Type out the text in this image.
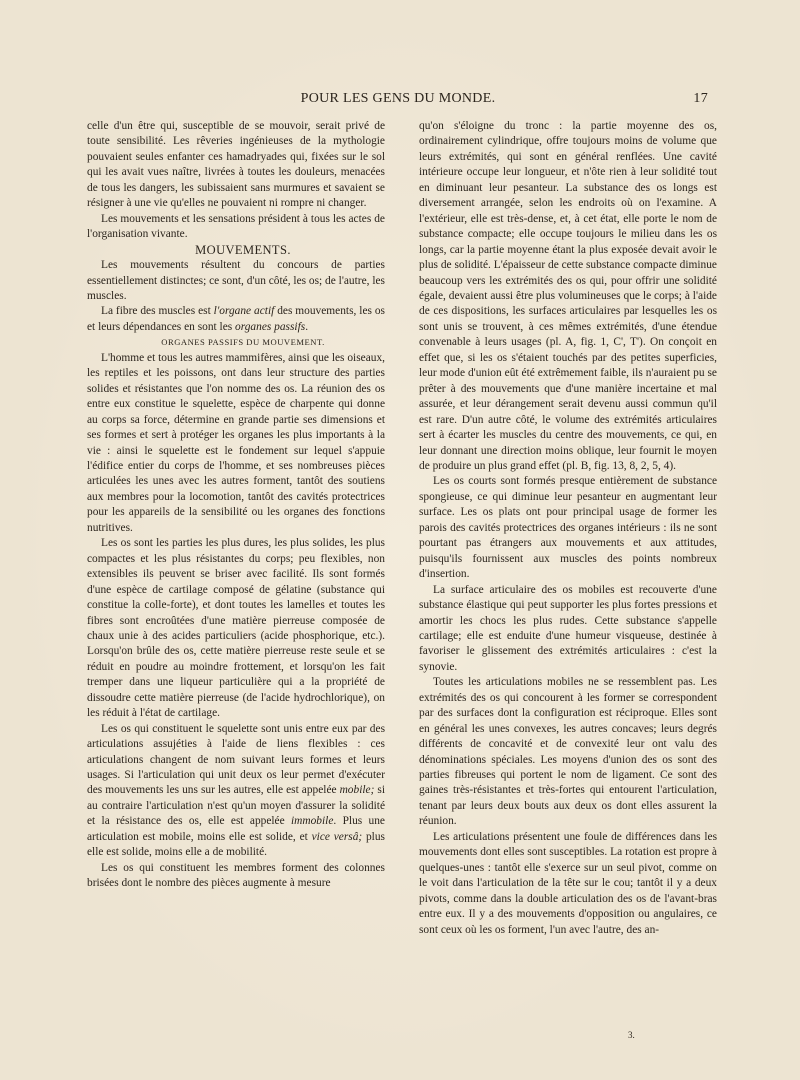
POUR LES GENS DU MONDE.	17

celle d'un être qui, susceptible de se mouvoir, serait privé de toute sensibilité. Les rêveries ingénieuses de la mythologie pouvaient seules enfanter ces hamadryades qui, fixées sur le sol qui les avait vues naître, livrées à toutes les douleurs, menacées de tous les dangers, les subissaient sans murmures et savaient se résigner à une vie qu'elles ne pouvaient ni rompre ni changer.

Les mouvements et les sensations président à tous les actes de l'organisation vivante.

MOUVEMENTS.

Les mouvements résultent du concours de parties essentiellement distinctes; ce sont, d'un côté, les os; de l'autre, les muscles.

La fibre des muscles est l'organe actif des mouvements, les os et leurs dépendances en sont les organes passifs.

ORGANES PASSIFS DU MOUVEMENT.

L'homme et tous les autres mammifères, ainsi que les oiseaux, les reptiles et les poissons, ont dans leur structure des parties solides et résistantes que l'on nomme des os. La réunion des os entre eux constitue le squelette, espèce de charpente qui donne au corps sa force, détermine en grande partie ses dimensions et ses formes et sert à protéger les organes les plus importants à la vie : ainsi le squelette est le fondement sur lequel s'appuie l'édifice entier du corps de l'homme, et ses nombreuses pièces articulées les unes avec les autres forment, tantôt des soutiens aux membres pour la locomotion, tantôt des cavités protectrices pour les appareils de la sensibilité ou les organes des fonctions nutritives.

Les os sont les parties les plus dures, les plus solides, les plus compactes et les plus résistantes du corps; peu flexibles, non extensibles ils peuvent se briser avec facilité. Ils sont formés d'une espèce de cartilage composé de gélatine (substance qui constitue la colle-forte), et dont toutes les lamelles et toutes les fibres sont encroûtées d'une matière pierreuse composée de chaux unie à des acides particuliers (acide phosphorique, etc.). Lorsqu'on brûle des os, cette matière pierreuse reste seule et se réduit en poudre au moindre frottement, et lorsqu'on les fait tremper dans une liqueur particulière qui a la propriété de dissoudre cette matière pierreuse (de l'acide hydrochlorique), on les réduit à l'état de cartilage.

Les os qui constituent le squelette sont unis entre eux par des articulations assujéties à l'aide de liens flexibles : ces articulations changent de nom suivant leurs formes et leurs usages. Si l'articulation qui unit deux os leur permet d'exécuter des mouvements les uns sur les autres, elle est appelée mobile; si au contraire l'articulation n'est qu'un moyen d'assurer la solidité et la résistance des os, elle est appelée immobile. Plus une articulation est mobile, moins elle est solide, et vice versâ; plus elle est solide, moins elle a de mobilité.

Les os qui constituent les membres forment des colonnes brisées dont le nombre des pièces augmente à mesure

qu'on s'éloigne du tronc : la partie moyenne des os, ordinairement cylindrique, offre toujours moins de volume que leurs extrémités, qui sont en général renflées. Une cavité intérieure occupe leur longueur, et n'ôte rien à leur solidité tout en diminuant leur pesanteur. La substance des os longs est diversement arrangée, selon les endroits où on l'examine. A l'extérieur, elle est très-dense, et, à cet état, elle porte le nom de substance compacte; elle occupe toujours le milieu dans les os longs, car la partie moyenne étant la plus exposée devait avoir le plus de solidité. L'épaisseur de cette substance compacte diminue beaucoup vers les extrémités des os qui, pour offrir une solidité égale, devaient aussi être plus volumineuses que le corps; à l'aide de ces dispositions, les surfaces articulaires par lesquelles les os sont unis se trouvent, à ces mêmes extrémités, d'une étendue convenable à leurs usages (pl. A, fig. 1, C', T'). On conçoit en effet que, si les os s'étaient touchés par des petites superficies, leur mode d'union eût été extrêmement faible, ils n'auraient pu se prêter à des mouvements que d'une manière incertaine et mal assurée, et leur dérangement serait devenu aussi commun qu'il est rare. D'un autre côté, le volume des extrémités articulaires sert à écarter les muscles du centre des mouvements, ce qui, en leur donnant une direction moins oblique, leur fournit le moyen de produire un plus grand effet (pl. B, fig. 13, 8, 2, 5, 4).

Les os courts sont formés presque entièrement de substance spongieuse, ce qui diminue leur pesanteur en augmentant leur surface. Les os plats ont pour principal usage de former les parois des cavités protectrices des organes intérieurs : ils ne sont pourtant pas étrangers aux mouvements et aux attitudes, puisqu'ils fournissent aux muscles des points nombreux d'insertion.

La surface articulaire des os mobiles est recouverte d'une substance élastique qui peut supporter les plus fortes pressions et amortir les chocs les plus rudes. Cette substance s'appelle cartilage; elle est enduite d'une humeur visqueuse, destinée à favoriser le glissement des extrémités articulaires : c'est la synovie.

Toutes les articulations mobiles ne se ressemblent pas. Les extrémités des os qui concourent à les former se correspondent par des surfaces dont la configuration est réciproque. Elles sont en général les unes convexes, les autres concaves; leurs degrés différents de concavité et de convexité leur ont valu des dénominations spéciales. Les moyens d'union des os sont des parties fibreuses qui portent le nom de ligament. Ce sont des gaines très-résistantes et très-fortes qui entourent l'articulation, tenant par leurs deux bouts aux deux os dont elles assurent la réunion.

Les articulations présentent une foule de différences dans les mouvements dont elles sont susceptibles. La rotation est propre à quelques-unes : tantôt elle s'exerce sur un seul pivot, comme on le voit dans l'articulation de la tête sur le cou; tantôt il y a deux pivots, comme dans la double articulation des os de l'avant-bras entre eux. Il y a des mouvements d'opposition ou angulaires, ce sont ceux où les os forment, l'un avec l'autre, des an-

3.
